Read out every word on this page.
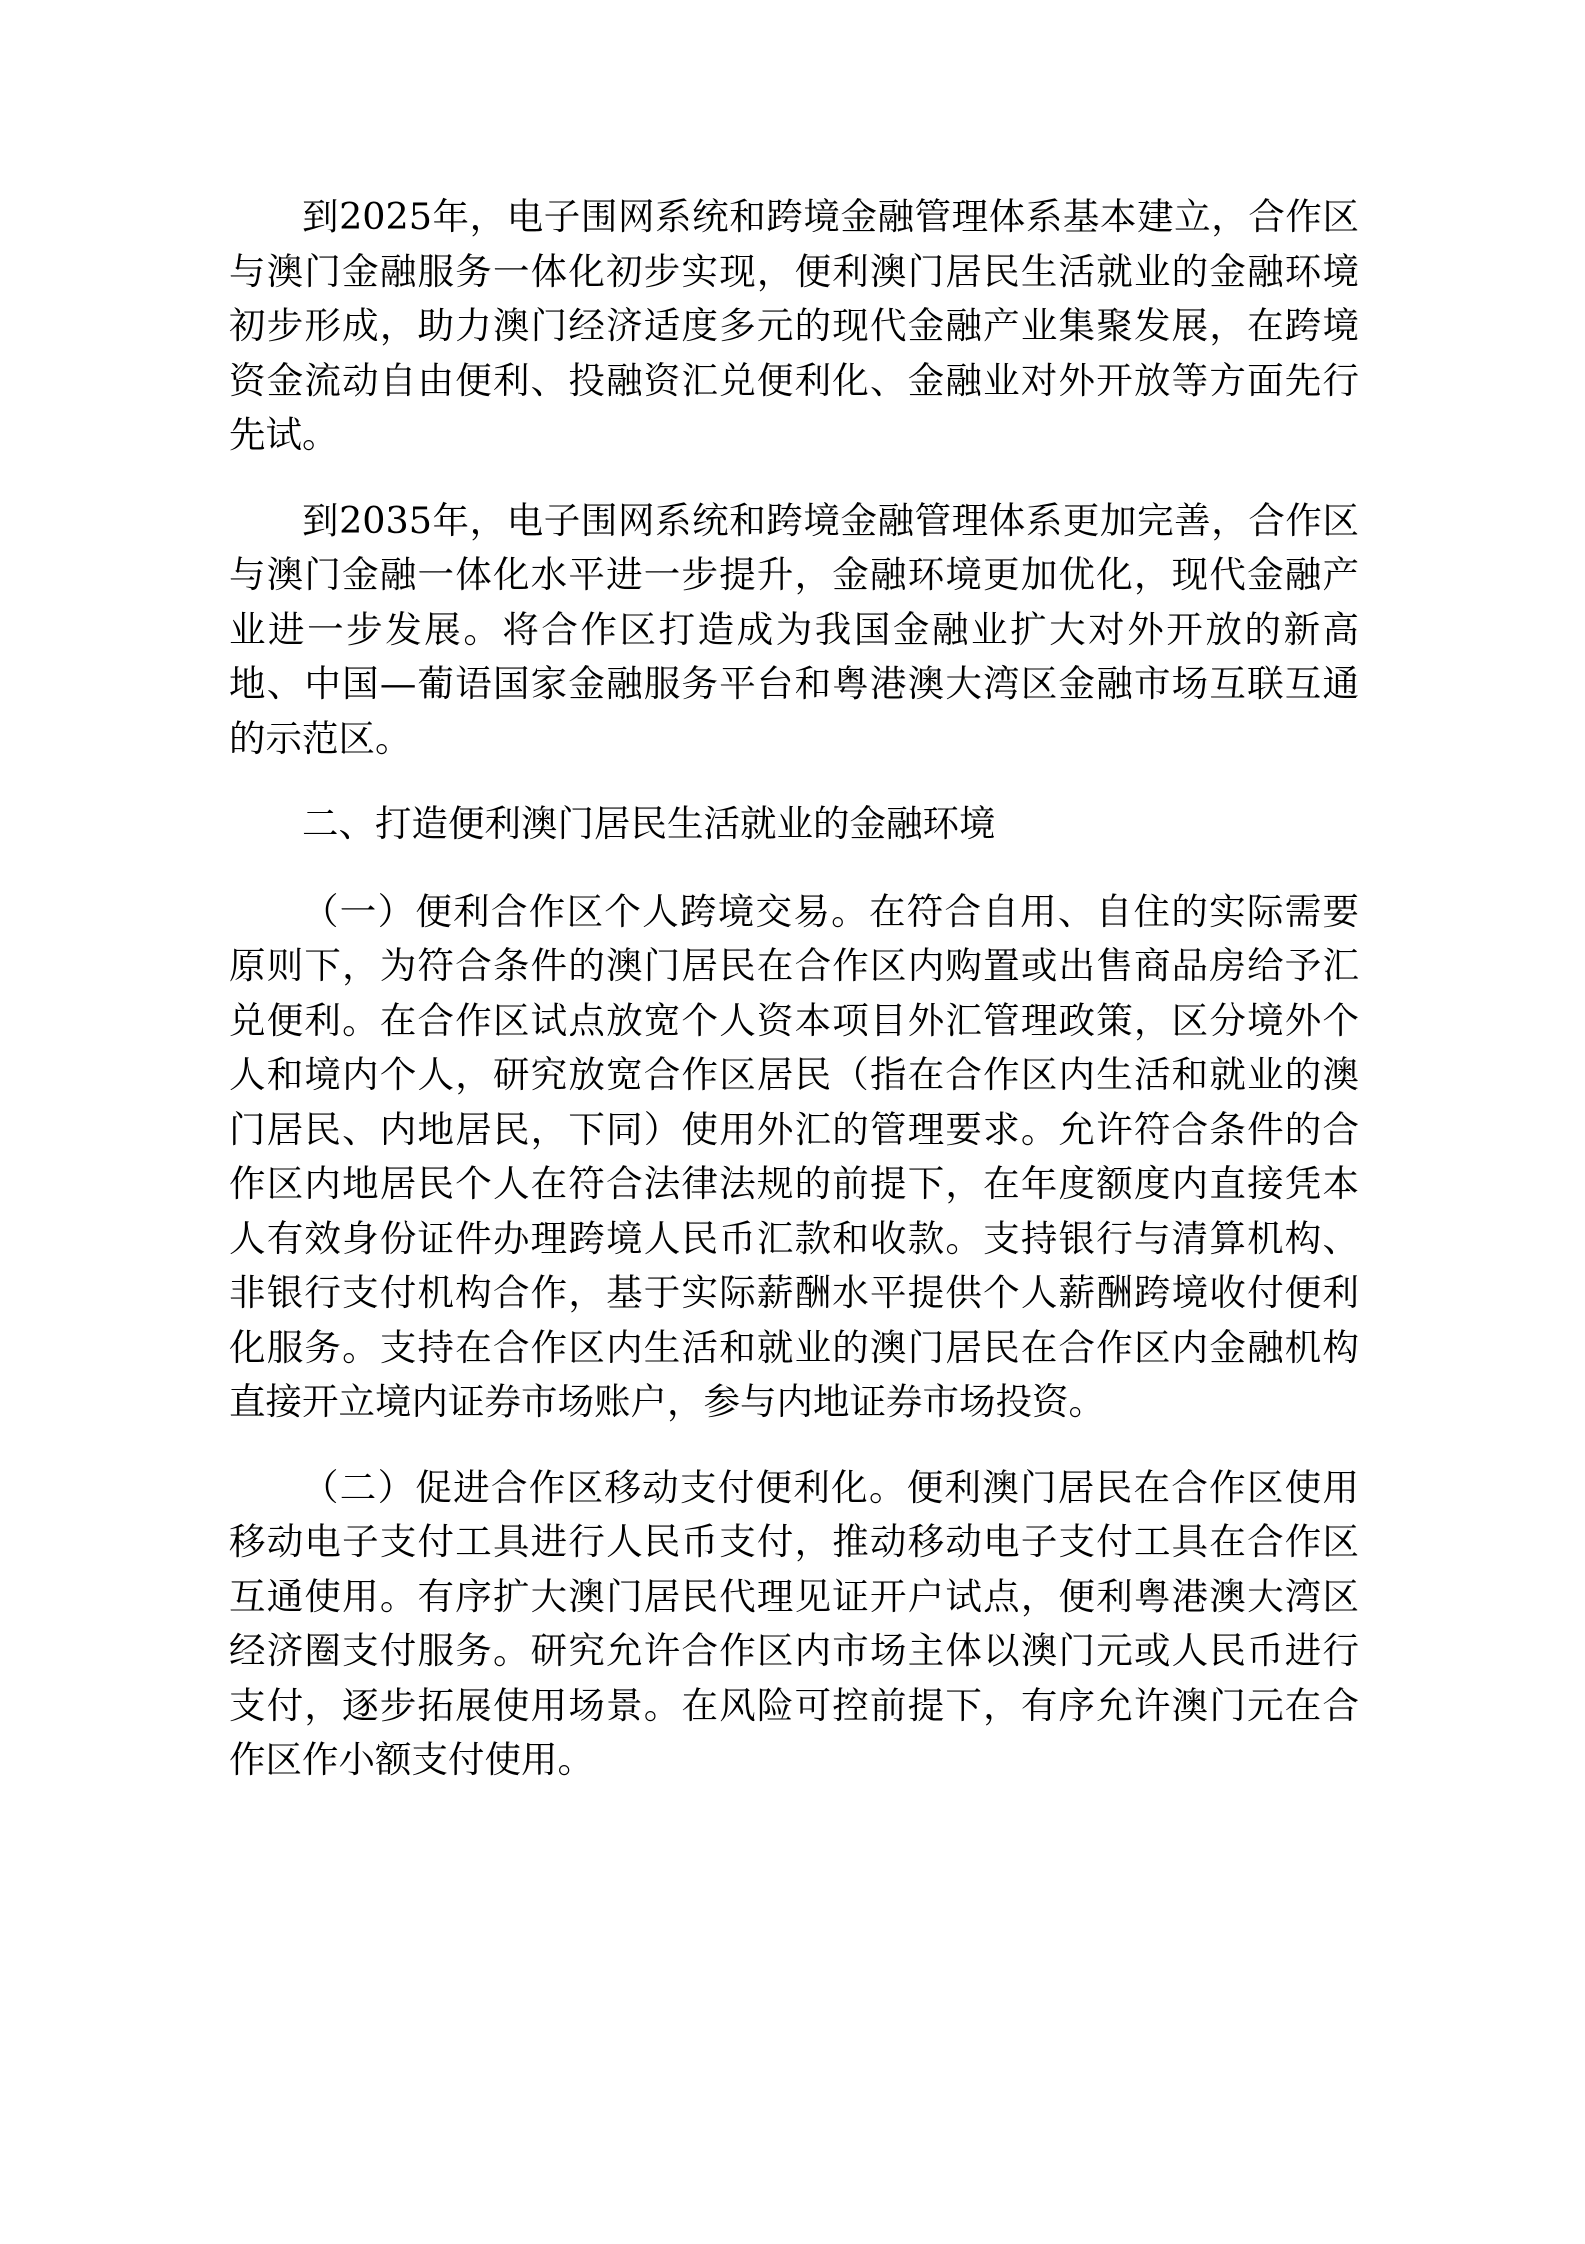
到2025年，电子围网系统和跨境金融管理体系基本建立，合作区与澳门金融服务一体化初步实现，便利澳门居民生活就业的金融环境初步形成，助力澳门经济适度多元的现代金融产业集聚发展，在跨境资金流动自由便利、投融资汇兑便利化、金融业对外开放等方面先行先试。

到2035年，电子围网系统和跨境金融管理体系更加完善，合作区与澳门金融一体化水平进一步提升，金融环境更加优化，现代金融产业进一步发展。将合作区打造成为我国金融业扩大对外开放的新高地、中国—葡语国家金融服务平台和粤港澳大湾区金融市场互联互通的示范区。

二、打造便利澳门居民生活就业的金融环境

（一）便利合作区个人跨境交易。在符合自用、自住的实际需要原则下，为符合条件的澳门居民在合作区内购置或出售商品房给予汇兑便利。在合作区试点放宽个人资本项目外汇管理政策，区分境外个人和境内个人，研究放宽合作区居民（指在合作区内生活和就业的澳门居民、内地居民，下同）使用外汇的管理要求。允许符合条件的合作区内地居民个人在符合法律法规的前提下，在年度额度内直接凭本人有效身份证件办理跨境人民币汇款和收款。支持银行与清算机构、非银行支付机构合作，基于实际薪酬水平提供个人薪酬跨境收付便利化服务。支持在合作区内生活和就业的澳门居民在合作区内金融机构直接开立境内证券市场账户，参与内地证券市场投资。

（二）促进合作区移动支付便利化。便利澳门居民在合作区使用移动电子支付工具进行人民币支付，推动移动电子支付工具在合作区互通使用。有序扩大澳门居民代理见证开户试点，便利粤港澳大湾区经济圈支付服务。研究允许合作区内市场主体以澳门元或人民币进行支付，逐步拓展使用场景。在风险可控前提下，有序允许澳门元在合作区作小额支付使用。
